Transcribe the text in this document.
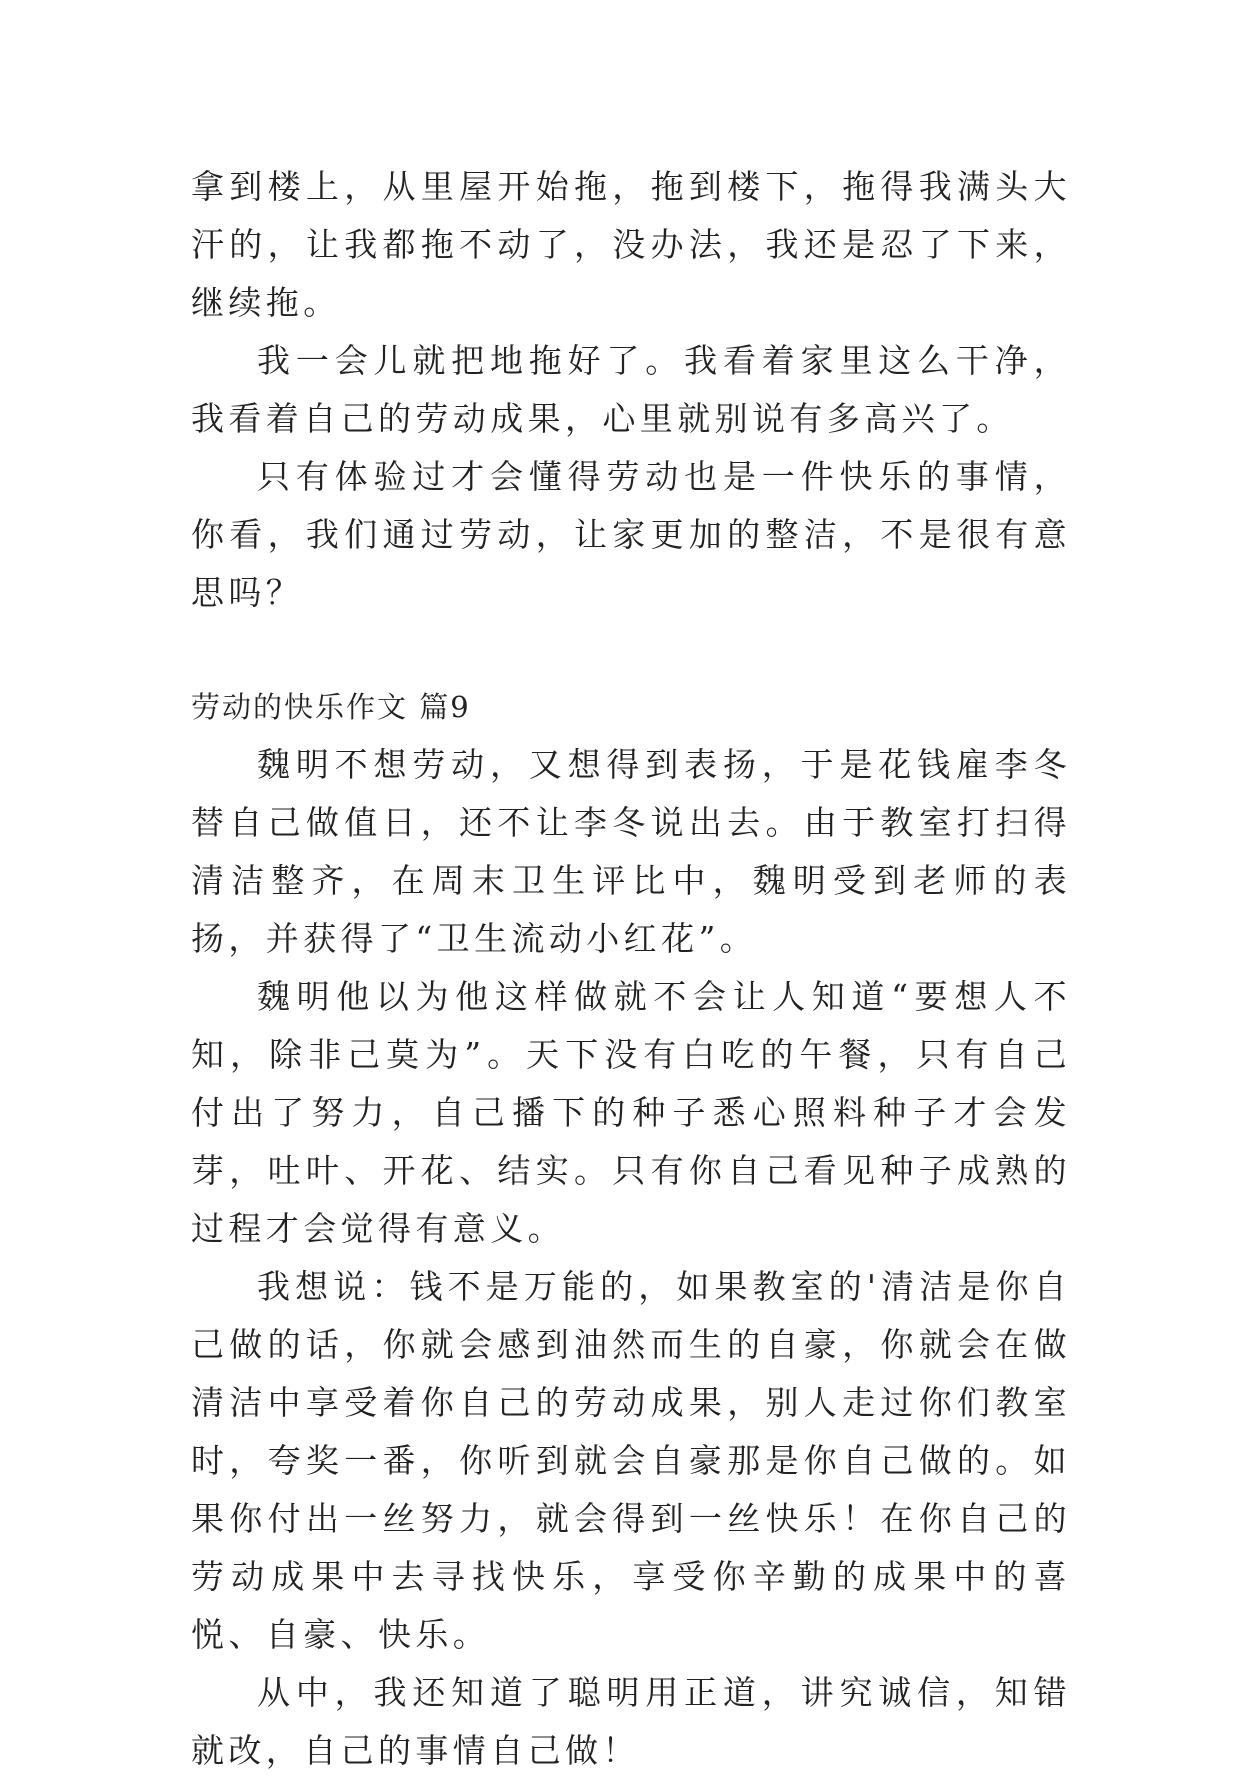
拿到楼上，从里屋开始拖，拖到楼下，拖得我满头大汗的，让我都拖不动了，没办法，我还是忍了下来，继续拖。

我一会儿就把地拖好了。我看着家里这么干净，我看着自己的劳动成果，心里就别说有多高兴了。

只有体验过才会懂得劳动也是一件快乐的事情，你看，我们通过劳动，让家更加的整洁，不是很有意思吗？

劳动的快乐作文 篇9

魏明不想劳动，又想得到表扬，于是花钱雇李冬替自己做值日，还不让李冬说出去。由于教室打扫得清洁整齐，在周末卫生评比中，魏明受到老师的表扬，并获得了“卫生流动小红花”。

魏明他以为他这样做就不会让人知道“要想人不知，除非己莫为”。天下没有白吃的午餐，只有自己付出了努力，自己播下的种子悉心照料种子才会发芽，吐叶、开花、结实。只有你自己看见种子成熟的过程才会觉得有意义。

我想说：钱不是万能的，如果教室的'清洁是你自己做的话，你就会感到油然而生的自豪，你就会在做清洁中享受着你自己的劳动成果，别人走过你们教室时，夸奖一番，你听到就会自豪那是你自己做的。如果你付出一丝努力，就会得到一丝快乐！在你自己的劳动成果中去寻找快乐，享受你辛勤的成果中的喜悦、自豪、快乐。

从中，我还知道了聪明用正道，讲究诚信，知错就改，自己的事情自己做！
